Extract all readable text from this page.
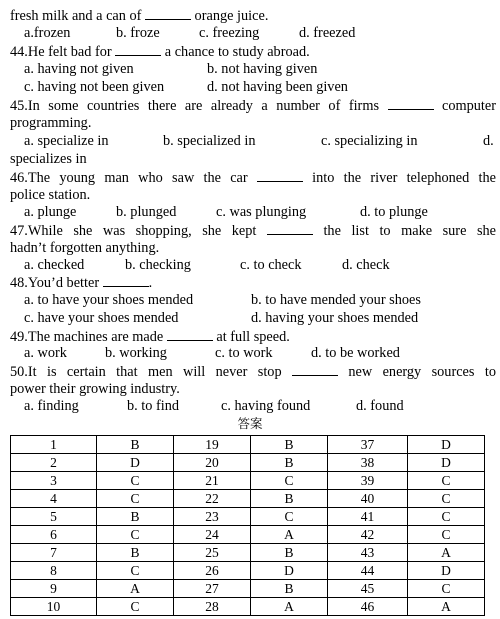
fresh milk and a can of	orange juice.
a.frozen	b. froze	c. freezing	d. freezed
44.He felt bad for	a chance to study abroad.
a. having not given	b. not having given
c. having not been given	d. not having been given
45.In some countries there are already a number of firms	computer
programming.
a. specialize in	b. specialized in	c. specializing in	d.
specializes in
46.The young man who saw the car	into the river telephoned the
police station.
a. plunge	b. plunged	c. was plunging	d. to plunge
47.While she was shopping, she kept	the list to make sure she
hadn’t forgotten anything.
a. checked	b. checking	c. to check	d. check
48.You’d better	.
a. to have your shoes mended	b. to have mended your shoes
c. have your shoes mended	d. having your shoes mended
49.The machines are made	at full speed.
a. work	b. working	c. to work	d. to be worked
50.It is certain that men will never stop	new energy sources to
power their growing industry.
a. finding	b. to find	c. having found	d. found
答案
1	B	19	B	37	D
2	D	20	B	38	D
3	C	21	C	39	C
4	C	22	B	40	C
5	B	23	C	41	C
6	C	24	A	42	C
7	B	25	B	43	A
8	C	26	D	44	D
9	A	27	B	45	C
10	C	28	A	46	A
